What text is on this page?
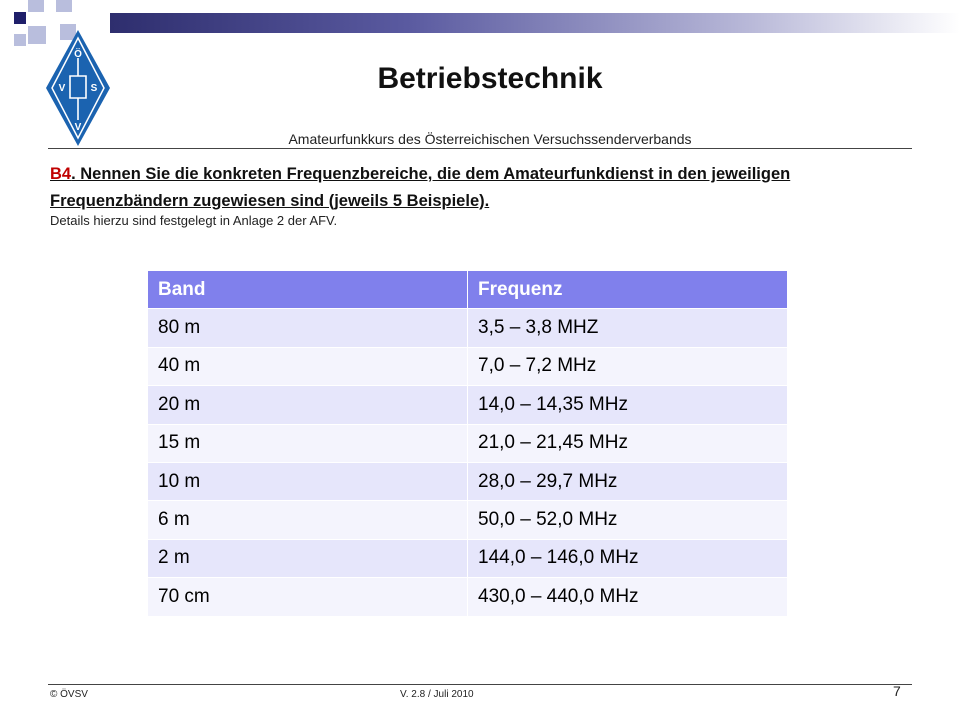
Ö
V	S
V
Betriebstechnik
Amateurfunkkurs des Österreichischen Versuchssenderverbands
B4. Nennen Sie die konkreten Frequenzbereiche, die dem Amateurfunkdienst in den jeweiligen Frequenzbändern zugewiesen sind (jeweils 5 Beispiele).
Details hierzu sind festgelegt in Anlage 2 der AFV.
Band	Frequenz
80 m	3,5 – 3,8 MHZ
40 m	7,0 – 7,2 MHz
20 m	14,0 – 14,35 MHz
15 m	21,0 – 21,45 MHz
10 m	28,0 – 29,7 MHz
6 m	50,0 – 52,0 MHz
2 m	144,0 – 146,0 MHz
70 cm	430,0 – 440,0 MHz
© ÖVSV	V. 2.8 / Juli 2010	7
